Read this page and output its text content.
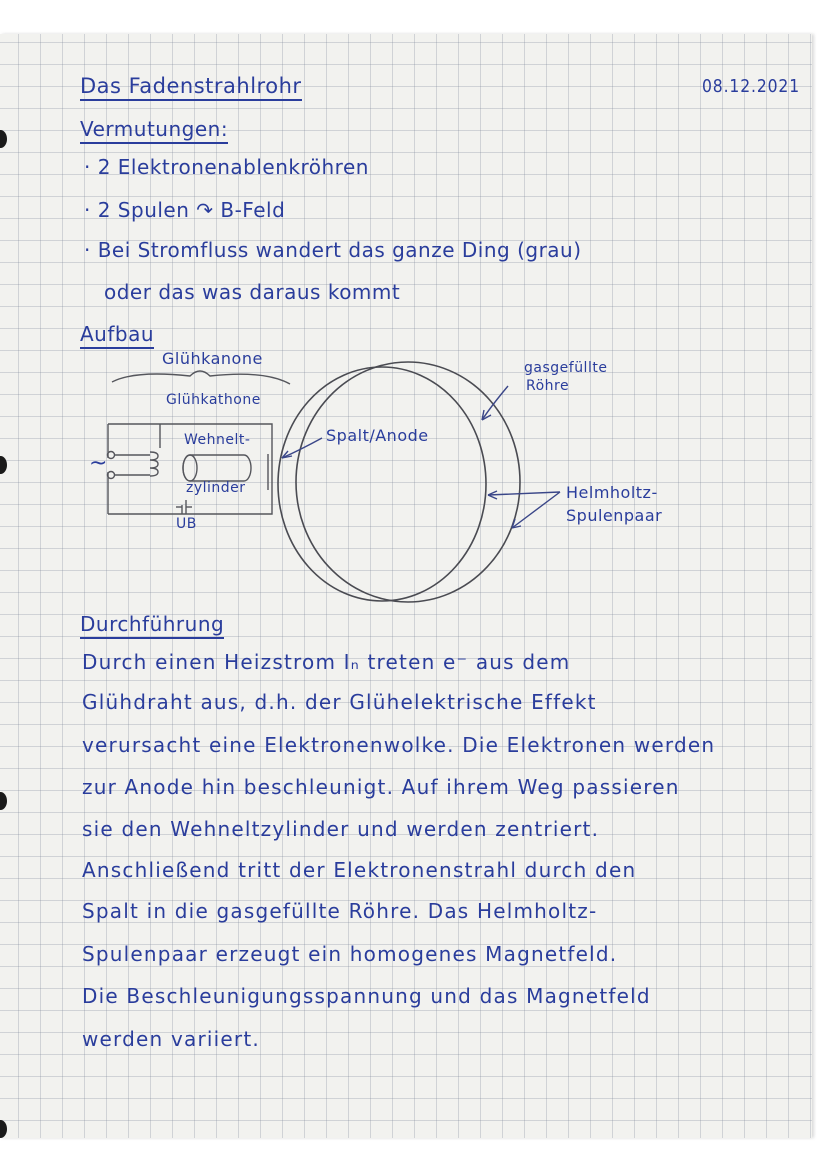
Das Fadenstrahlrohr	08.12.2021
Vermutungen:
· 2 Elektronenablenkröhren
· 2 Spulen ↷ B-Feld
· Bei Stromfluss wandert das ganze Ding (grau)
oder das was daraus kommt
Aufbau
Glühkanone
Glühkathone
Wehnelt-
zylinder
UB
~
Spalt/Anode
gasgefüllte
Röhre
Helmholtz-
Spulenpaar
Durchführung
Durch einen Heizstrom Iₙ treten e⁻ aus dem
Glühdraht aus, d.h. der Glühelektrische Effekt
verursacht eine Elektronenwolke. Die Elektronen werden
zur Anode hin beschleunigt. Auf ihrem Weg passieren
sie den Wehneltzylinder und werden zentriert.
Anschließend tritt der Elektronenstrahl durch den
Spalt in die gasgefüllte Röhre. Das Helmholtz-
Spulenpaar erzeugt ein homogenes Magnetfeld.
Die Beschleunigungsspannung und das Magnetfeld
werden variiert.
